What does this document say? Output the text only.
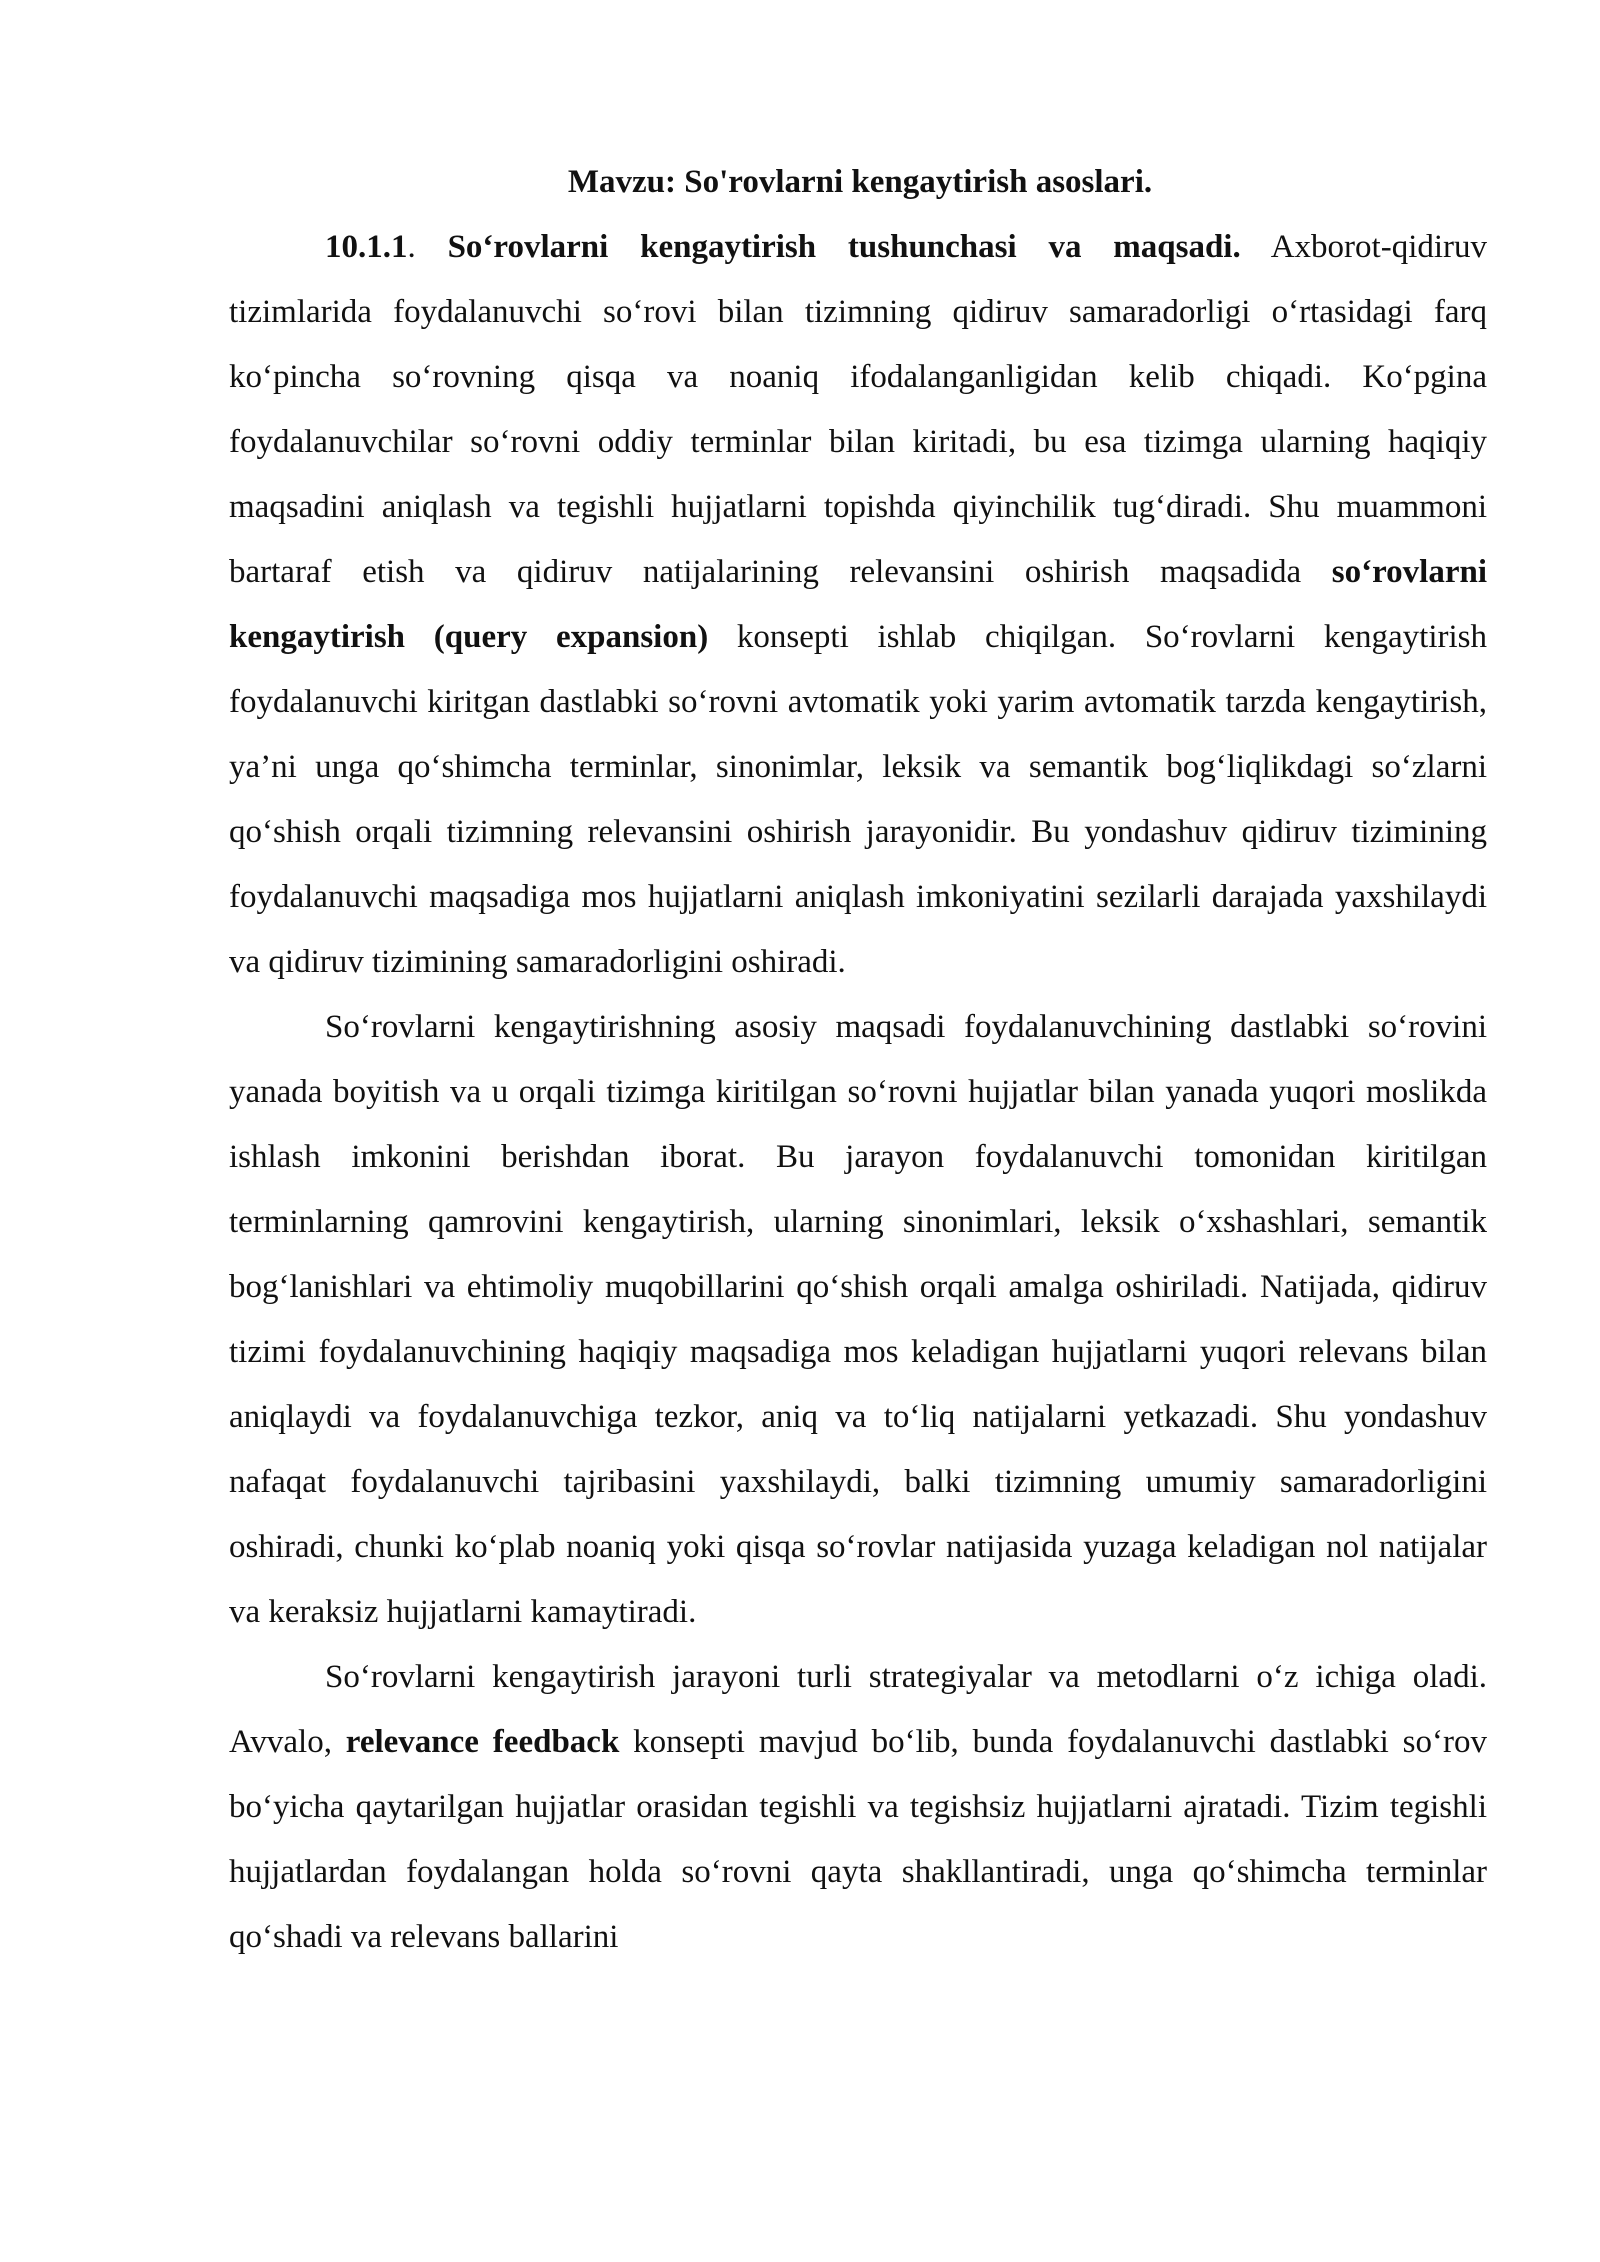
Mavzu: So'rovlarni kengaytirish asoslari.

10.1.1. So‘rovlarni kengaytirish tushunchasi va maqsadi. Axborot-qidiruv tizimlarida foydalanuvchi so‘rovi bilan tizimning qidiruv samaradorligi o‘rtasidagi farq ko‘pincha so‘rovning qisqa va noaniq ifodalanganligidan kelib chiqadi. Ko‘pgina foydalanuvchilar so‘rovni oddiy terminlar bilan kiritadi, bu esa tizimga ularning haqiqiy maqsadini aniqlash va tegishli hujjatlarni topishda qiyinchilik tug‘diradi. Shu muammoni bartaraf etish va qidiruv natijalarining relevansini oshirish maqsadida so‘rovlarni kengaytirish (query expansion) konsepti ishlab chiqilgan. So‘rovlarni kengaytirish foydalanuvchi kiritgan dastlabki so‘rovni avtomatik yoki yarim avtomatik tarzda kengaytirish, ya’ni unga qo‘shimcha terminlar, sinonimlar, leksik va semantik bog‘liqlikdagi so‘zlarni qo‘shish orqali tizimning relevansini oshirish jarayonidir. Bu yondashuv qidiruv tizimining foydalanuvchi maqsadiga mos hujjatlarni aniqlash imkoniyatini sezilarli darajada yaxshilaydi va qidiruv tizimining samaradorligini oshiradi.

So‘rovlarni kengaytirishning asosiy maqsadi foydalanuvchining dastlabki so‘rovini yanada boyitish va u orqali tizimga kiritilgan so‘rovni hujjatlar bilan yanada yuqori moslikda ishlash imkonini berishdan iborat. Bu jarayon foydalanuvchi tomonidan kiritilgan terminlarning qamrovini kengaytirish, ularning sinonimlari, leksik o‘xshashlari, semantik bog‘lanishlari va ehtimoliy muqobillarini qo‘shish orqali amalga oshiriladi. Natijada, qidiruv tizimi foydalanuvchining haqiqiy maqsadiga mos keladigan hujjatlarni yuqori relevans bilan aniqlaydi va foydalanuvchiga tezkor, aniq va to‘liq natijalarni yetkazadi. Shu yondashuv nafaqat foydalanuvchi tajribasini yaxshilaydi, balki tizimning umumiy samaradorligini oshiradi, chunki ko‘plab noaniq yoki qisqa so‘rovlar natijasida yuzaga keladigan nol natijalar va keraksiz hujjatlarni kamaytiradi.

So‘rovlarni kengaytirish jarayoni turli strategiyalar va metodlarni o‘z ichiga oladi. Avvalo, relevance feedback konsepti mavjud bo‘lib, bunda foydalanuvchi dastlabki so‘rov bo‘yicha qaytarilgan hujjatlar orasidan tegishli va tegishsiz hujjatlarni ajratadi. Tizim tegishli hujjatlardan foydalangan holda so‘rovni qayta shakllantiradi, unga qo‘shimcha terminlar qo‘shadi va relevans ballarini
